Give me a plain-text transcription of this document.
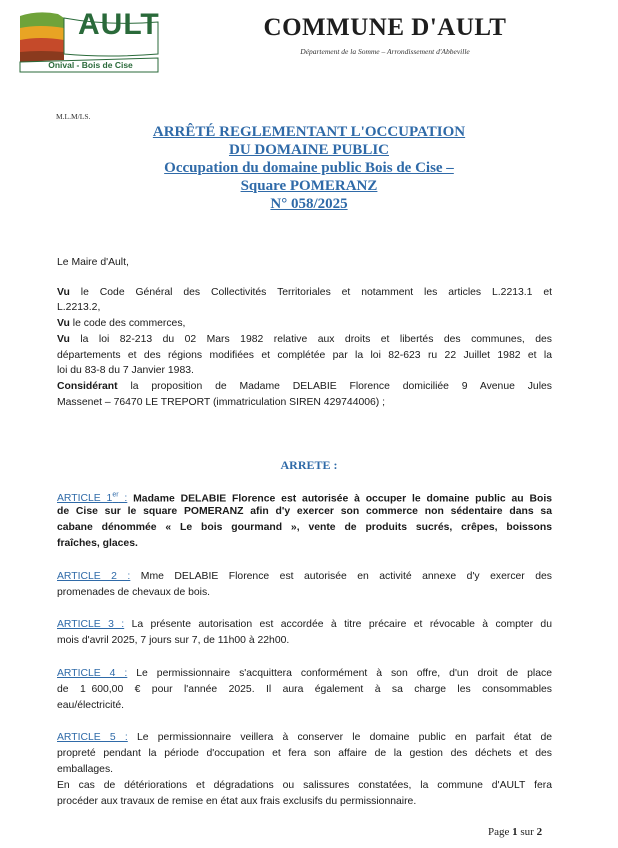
AULT
Onival - Bois de Cise
COMMUNE D'AULT
Département de la Somme – Arrondissement d'Abbeville
M.L.M/LS.
ARRÊTÉ REGLEMENTANT L'OCCUPATION
DU DOMAINE PUBLIC
Occupation du domaine public Bois de Cise –
Square POMERANZ
N° 058/2025
Le Maire d'Ault,
Vu le Code Général des Collectivités Territoriales et notamment les articles L.2213.1 et
L.2213.2,
Vu le code des commerces,
Vu la loi 82-213 du 02 Mars 1982 relative aux droits et libertés des communes, des
départements et des régions modifiées et complétée par la loi 82-623 ru 22 Juillet 1982 et la
loi du 83-8 du 7 Janvier 1983.
Considérant la proposition de Madame DELABIE Florence domiciliée 9 Avenue Jules
Massenet – 76470 LE TREPORT (immatriculation SIREN 429744006) ;
ARRETE :
ARTICLE 1er : Madame DELABIE Florence est autorisée à occuper le domaine public au Bois
de Cise sur le square POMERANZ afin d'y exercer son commerce non sédentaire dans sa
cabane dénommée « Le bois gourmand », vente de produits sucrés, crêpes, boissons
fraîches, glaces.
ARTICLE 2 : Mme DELABIE Florence est autorisée en activité annexe d'y exercer des
promenades de chevaux de bois.
ARTICLE 3 : La présente autorisation est accordée à titre précaire et révocable à compter du
mois d'avril 2025, 7 jours sur 7, de 11h00 à 22h00.
ARTICLE 4 : Le permissionnaire s'acquittera conformément à son offre, d'un droit de place
de  1 600,00  €  pour  l'année  2025.  Il  aura  également  à  sa  charge  les  consommables
eau/électricité.
ARTICLE 5 : Le permissionnaire veillera à conserver le domaine public en parfait état de
propreté pendant la période d'occupation et fera son affaire de la gestion des déchets et des
emballages.
En cas de détériorations et dégradations ou salissures constatées, la commune d'AULT fera
procéder aux travaux de remise en état aux frais exclusifs du permissionnaire.
Page 1 sur 2
